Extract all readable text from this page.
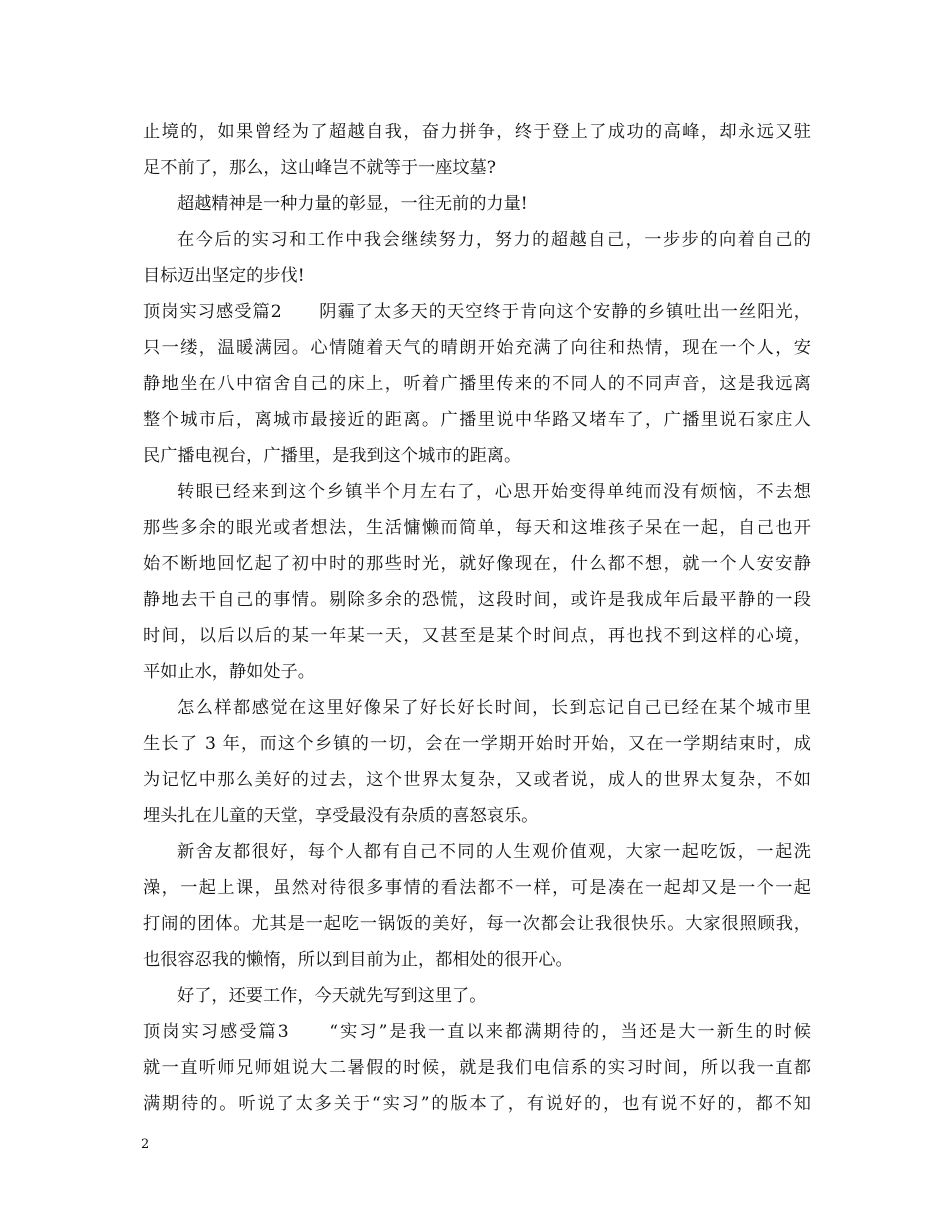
止境的，如果曾经为了超越自我，奋力拼争，终于登上了成功的高峰，却永远又驻
足不前了，那么，这山峰岂不就等于一座坟墓?
超越精神是一种力量的彰显，一往无前的力量!
在今后的实习和工作中我会继续努力，努力的超越自己，一步步的向着自己的
目标迈出坚定的步伐!
顶岗实习感受篇2　　阴霾了太多天的天空终于肯向这个安静的乡镇吐出一丝阳光，
只一缕，温暖满园。心情随着天气的晴朗开始充满了向往和热情，现在一个人，安
静地坐在八中宿舍自己的床上，听着广播里传来的不同人的不同声音，这是我远离
整个城市后，离城市最接近的距离。广播里说中华路又堵车了，广播里说石家庄人
民广播电视台，广播里，是我到这个城市的距离。
转眼已经来到这个乡镇半个月左右了，心思开始变得单纯而没有烦恼，不去想
那些多余的眼光或者想法，生活慵懒而简单，每天和这堆孩子呆在一起，自己也开
始不断地回忆起了初中时的那些时光，就好像现在，什么都不想，就一个人安安静
静地去干自己的事情。剔除多余的恐慌，这段时间，或许是我成年后最平静的一段
时间，以后以后的某一年某一天，又甚至是某个时间点，再也找不到这样的心境，
平如止水，静如处子。
怎么样都感觉在这里好像呆了好长好长时间，长到忘记自己已经在某个城市里
生长了 3 年，而这个乡镇的一切，会在一学期开始时开始，又在一学期结束时，成
为记忆中那么美好的过去，这个世界太复杂，又或者说，成人的世界太复杂，不如
埋头扎在儿童的天堂，享受最没有杂质的喜怒哀乐。
新舍友都很好，每个人都有自己不同的人生观价值观，大家一起吃饭，一起洗
澡，一起上课，虽然对待很多事情的看法都不一样，可是凑在一起却又是一个一起
打闹的团体。尤其是一起吃一锅饭的美好，每一次都会让我很快乐。大家很照顾我，
也很容忍我的懒惰，所以到目前为止，都相处的很开心。
好了，还要工作，今天就先写到这里了。
顶岗实习感受篇3　　“实习”是我一直以来都满期待的，当还是大一新生的时候
就一直听师兄师姐说大二暑假的时候，就是我们电信系的实习时间，所以我一直都
满期待的。听说了太多关于“实习”的版本了，有说好的，也有说不好的，都不知
2
